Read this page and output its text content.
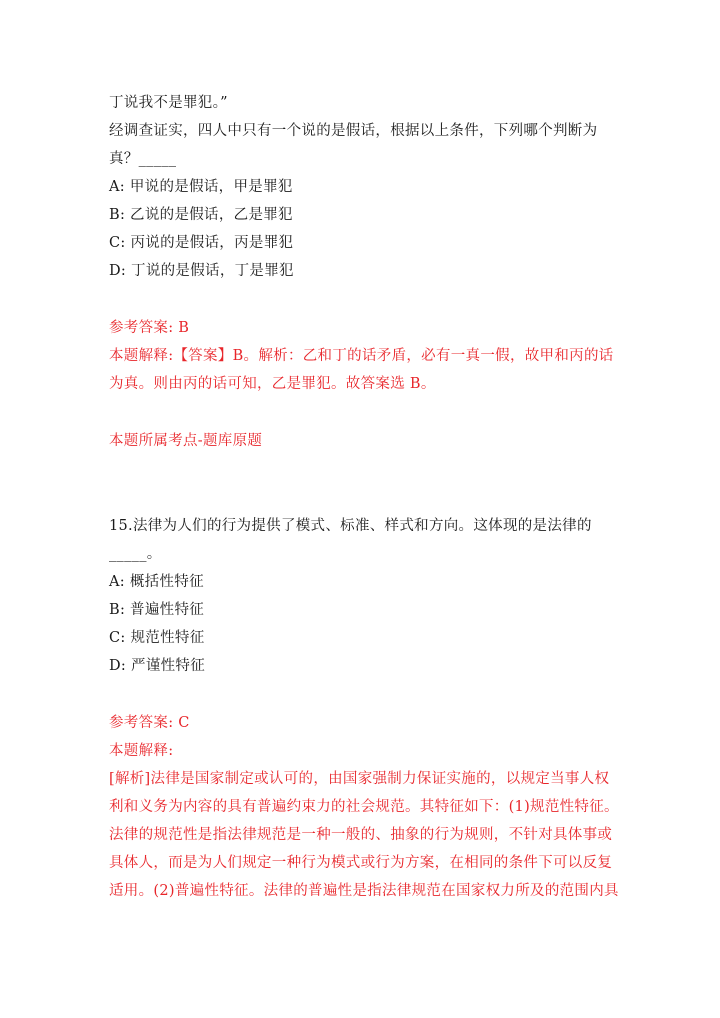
丁说我不是罪犯。”
经调查证实，四人中只有一个说的是假话，根据以上条件，下列哪个判断为
真？_____
A: 甲说的是假话，甲是罪犯
B: 乙说的是假话，乙是罪犯
C: 丙说的是假话，丙是罪犯
D: 丁说的是假话，丁是罪犯
参考答案: B
本题解释:【答案】B。解析：乙和丁的话矛盾，必有一真一假，故甲和丙的话
为真。则由丙的话可知，乙是罪犯。故答案选 B。
本题所属考点-题库原题
15.法律为人们的行为提供了模式、标准、样式和方向。这体现的是法律的
_____。
A: 概括性特征
B: 普遍性特征
C: 规范性特征
D: 严谨性特征
参考答案: C
本题解释:
[解析]法律是国家制定或认可的，由国家强制力保证实施的，以规定当事人权
利和义务为内容的具有普遍约束力的社会规范。其特征如下：(1)规范性特征。
法律的规范性是指法律规范是一种一般的、抽象的行为规则，不针对具体事或
具体人，而是为人们规定一种行为模式或行为方案，在相同的条件下可以反复
适用。(2)普遍性特征。法律的普遍性是指法律规范在国家权力所及的范围内具
